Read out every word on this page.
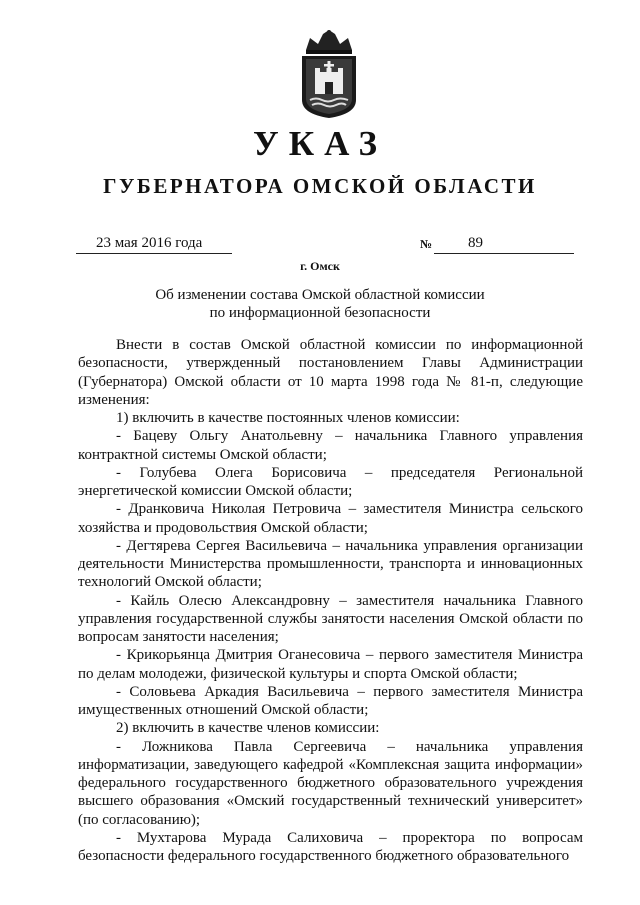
УКАЗ
ГУБЕРНАТОРА ОМСКОЙ ОБЛАСТИ
23 мая 2016 года	№	89
г. Омск
Об изменении состава Омской областной комиссии
по информационной безопасности

Внести в состав Омской областной комиссии по информационной безопасности, утвержденный постановлением Главы Администрации (Губернатора) Омской области от 10 марта 1998 года № 81-п, следующие изменения:

1) включить в качестве постоянных членов комиссии:

- Бацеву Ольгу Анатольевну – начальника Главного управления контрактной системы Омской области;

- Голубева Олега Борисовича – председателя Региональной энергетической комиссии Омской области;

- Дранковича Николая Петровича – заместителя Министра сельского хозяйства и продовольствия Омской области;

- Дегтярева Сергея Васильевича – начальника управления организации деятельности Министерства промышленности, транспорта и инновационных технологий Омской области;

- Кайль Олесю Александровну – заместителя начальника Главного управления государственной службы занятости населения Омской области по вопросам занятости населения;

- Крикорьянца Дмитрия Оганесовича – первого заместителя Министра по делам молодежи, физической культуры и спорта Омской области;

- Соловьева Аркадия Васильевича – первого заместителя Министра имущественных отношений Омской области;

2) включить в качестве членов комиссии:

- Ложникова Павла Сергеевича – начальника управления информатизации, заведующего кафедрой «Комплексная защита информации» федерального государственного бюджетного образовательного учреждения высшего образования «Омский государственный технический университет» (по согласованию);

- Мухтарова Мурада Салиховича – проректора по вопросам безопасности федерального государственного бюджетного образовательного
